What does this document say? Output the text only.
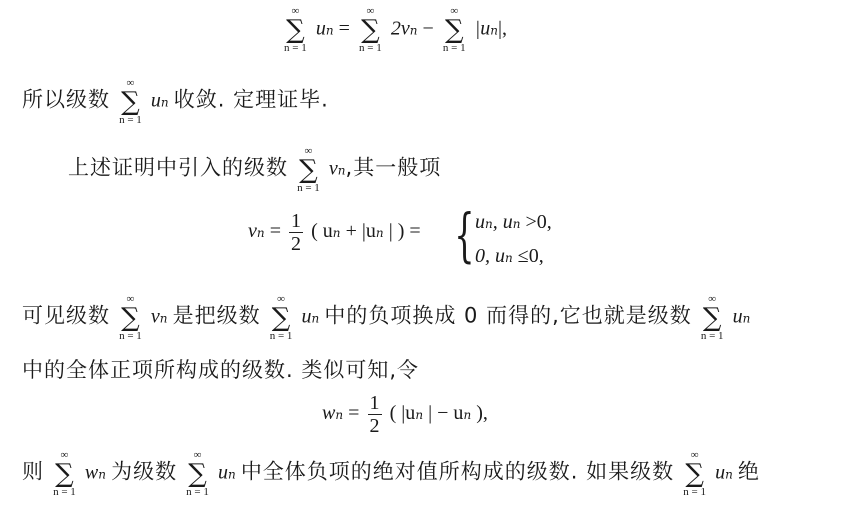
∞
∑
n = 1
un =
∞
∑
n = 1
2vn −
∞
∑
n = 1
|un|,
所以级数
∞
∑
n = 1
un 收敛. 定理证毕.
上述证明中引入的级数
∞
∑
n = 1
vn,其一般项
vn = $\frac{1}{2}$ ( un + |un | ) = { un, un >0,
0, un ≤0,
可见级数
∞
∑
n = 1
vn 是把级数
∞
∑
n = 1
un 中的负项换成 0 而得的,它也就是级数
∞
∑
n = 1
un
中的全体正项所构成的级数. 类似可知,令
wn = $\frac{1}{2}$ ( |un | − un ),
则
∞
∑
n = 1
wn 为级数
∞
∑
n = 1
un 中全体负项的绝对值所构成的级数. 如果级数
∞
∑
n = 1
un 绝
